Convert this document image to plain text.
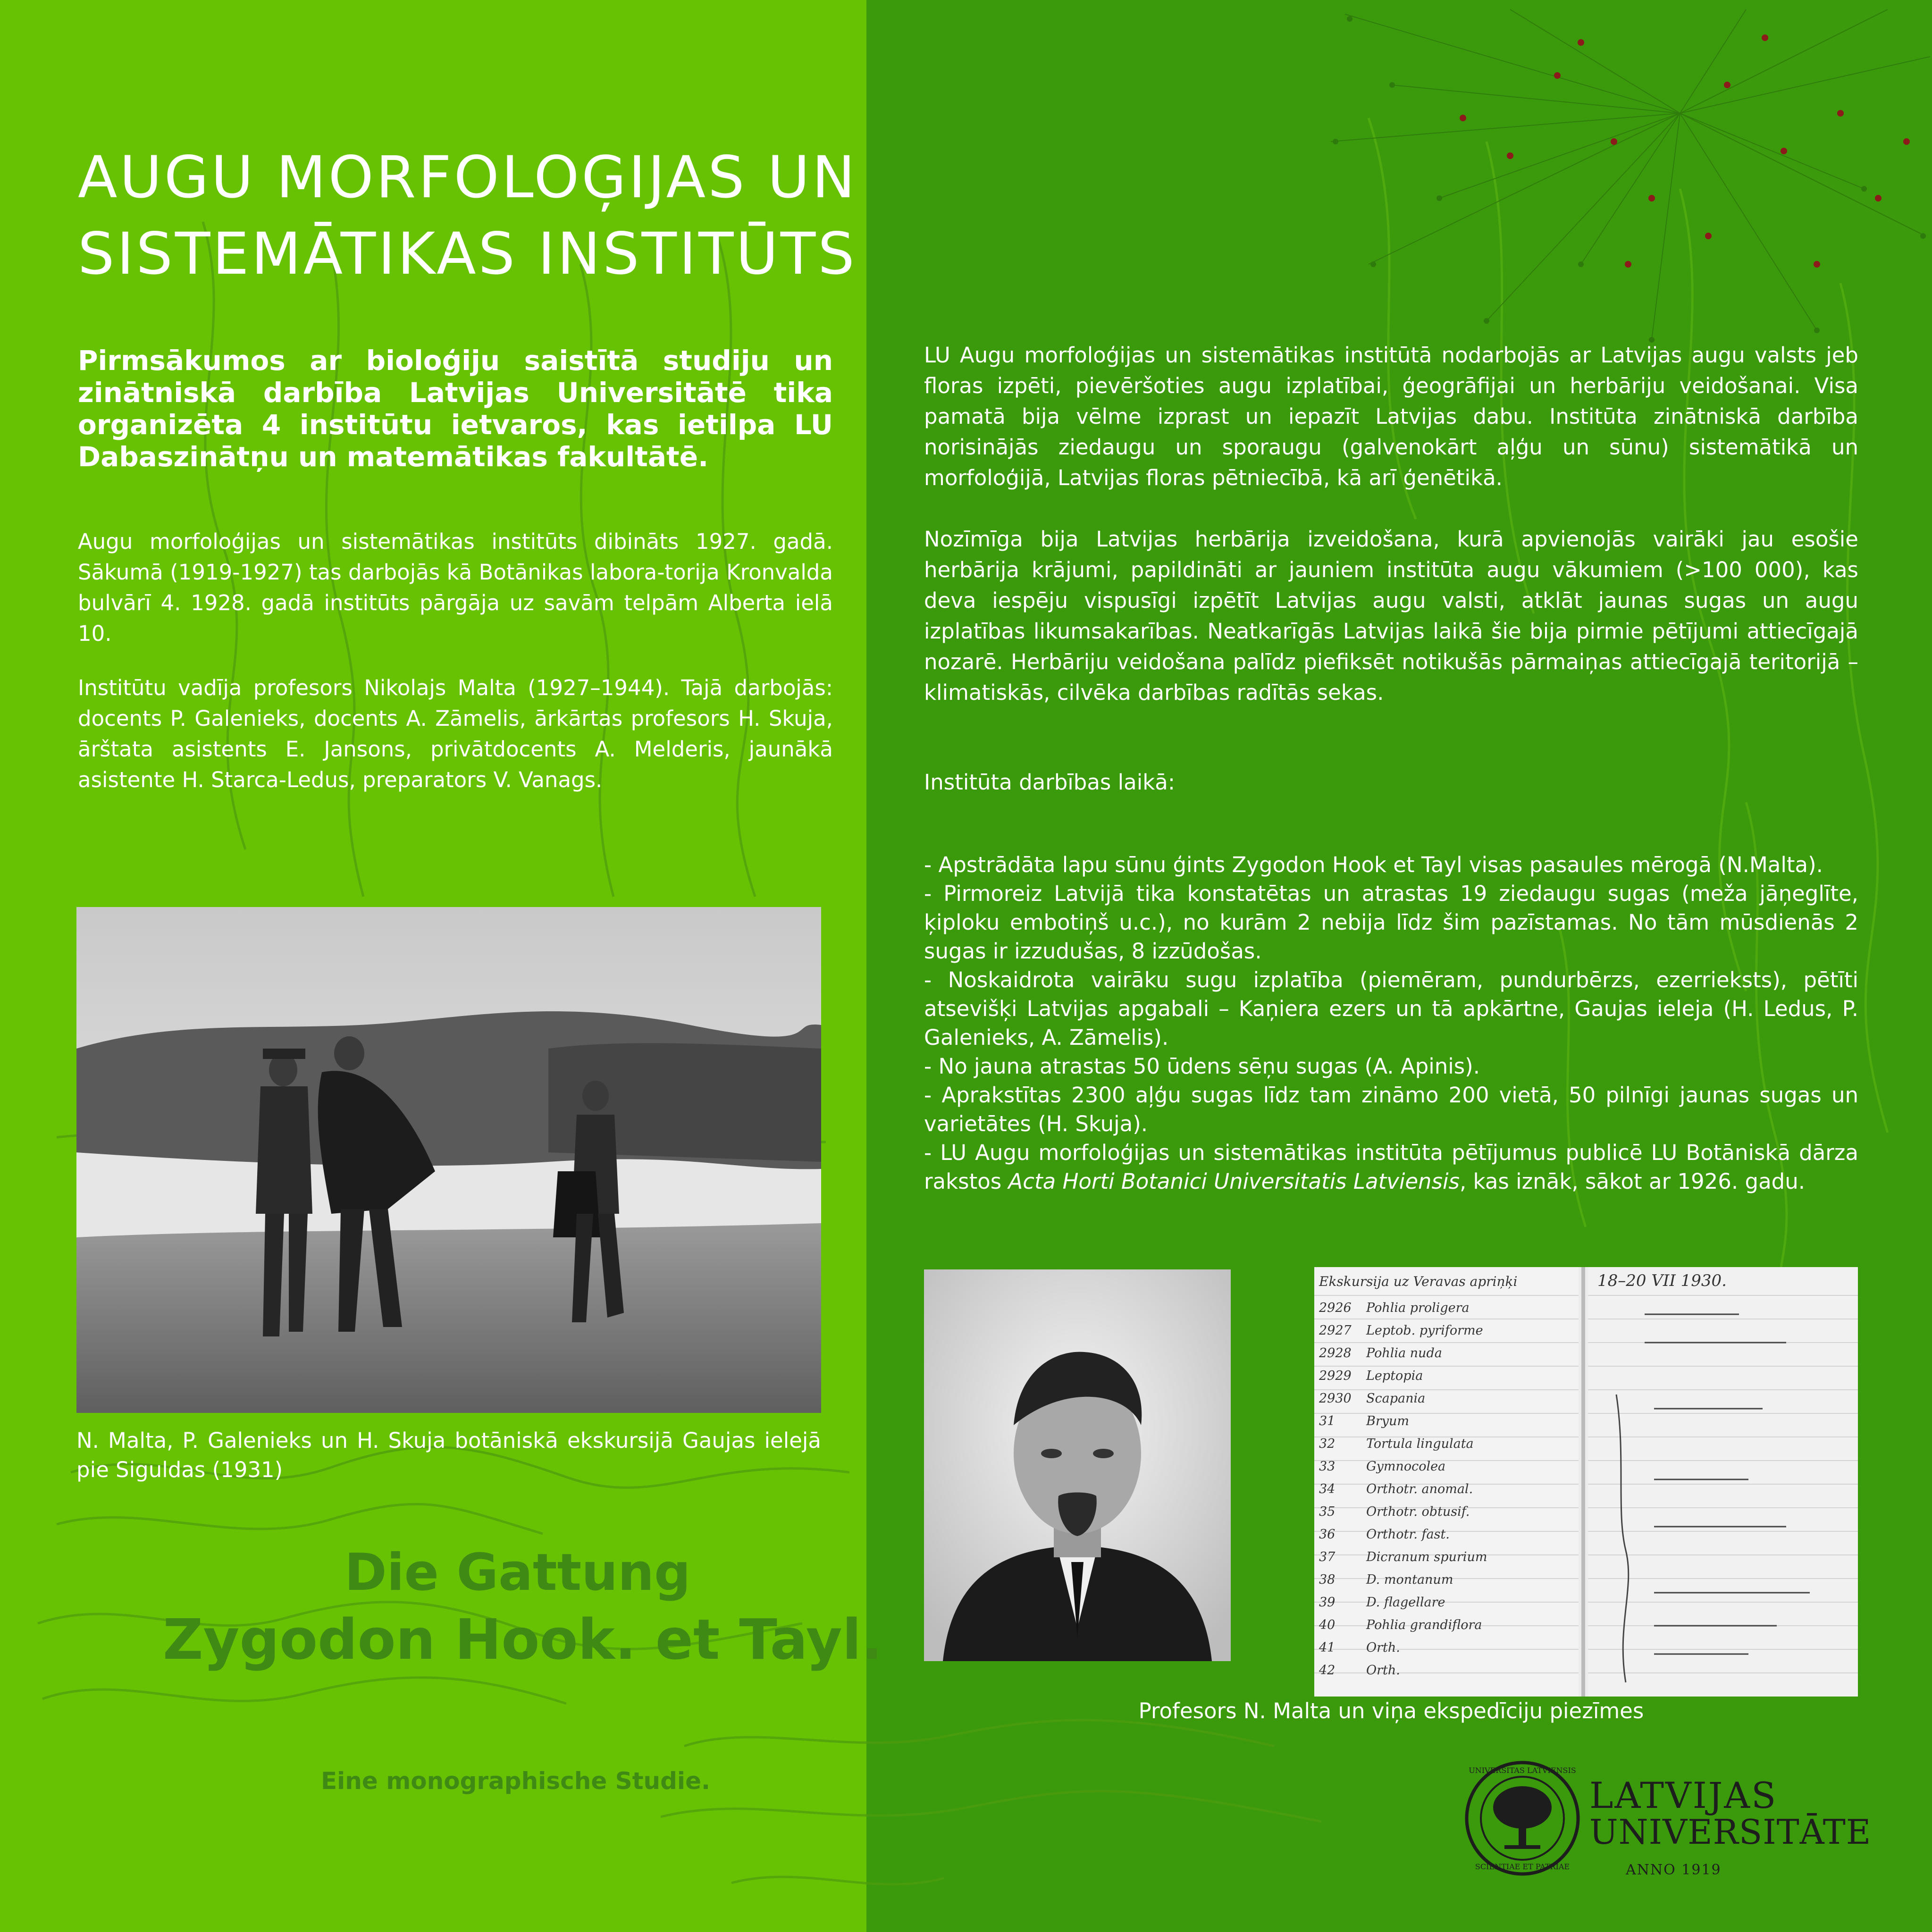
Die Gattung

Zygodon Hook. et Tayl.

Eine monographische Studie.

AUGU MORFOLOĢIJAS UN
SISTEMĀTIKAS INSTITŪTS

Pirmsākumos ar bioloģiju saistītā studiju un zinātniskā darbība Latvijas Universitātē tika organizēta 4 institūtu ietvaros, kas ietilpa LU Dabaszinātņu un matemātikas fakultātē.

Augu morfoloģijas un sistemātikas institūts dibināts 1927. gadā. Sākumā (1919-1927) tas darbojās kā Botānikas labora-torija Kronvalda bulvārī 4. 1928. gadā institūts pārgāja uz savām telpām Alberta ielā 10.

Institūtu vadīja profesors Nikolajs Malta (1927–1944). Tajā darbojās: docents P. Galenieks, docents A. Zāmelis, ārkārtas profesors H. Skuja, ārštata asistents E. Jansons, privātdocents A. Melderis, jaunākā asistente H. Starca-Ledus, preparators V. Vanags.

N. Malta, P. Galenieks un H. Skuja botāniskā ekskursijā Gaujas ielejā pie Siguldas (1931)

LU Augu morfoloģijas un sistemātikas institūtā nodarbojās ar Latvijas augu valsts jeb floras izpēti, pievēršoties augu izplatībai, ģeogrāfijai un herbāriju veidošanai. Visa pamatā bija vēlme izprast un iepazīt Latvijas dabu. Institūta zinātniskā darbība norisinājās ziedaugu un sporaugu (galvenokārt aļģu un sūnu) sistemātikā un morfoloģijā, Latvijas floras pētniecībā, kā arī ģenētikā.

Nozīmīga bija Latvijas herbārija izveidošana, kurā apvienojās vairāki jau esošie herbārija krājumi, papildināti ar jauniem institūta augu vākumiem (>100 000), kas deva iespēju vispusīgi izpētīt Latvijas augu valsti, atklāt jaunas sugas un augu izplatības likumsakarības. Neatkarīgās Latvijas laikā šie bija pirmie pētījumi attiecīgajā nozarē. Herbāriju veidošana palīdz piefiksēt notikušās pārmaiņas attiecīgajā teritorijā – klimatiskās, cilvēka darbības radītās sekas.

Institūta darbības laikā:

- Apstrādāta lapu sūnu ģints Zygodon Hook et Tayl visas pasaules mērogā (N.Malta).
- Pirmoreiz Latvijā tika konstatētas un atrastas 19 ziedaugu sugas (meža jāņeglīte, ķiploku embotiņš u.c.), no kurām 2 nebija līdz šim pazīstamas. No tām mūsdienās 2 sugas ir izzudušas, 8 izzūdošas.
- Noskaidrota vairāku sugu izplatība (piemēram, pundurbērzs, ezerrieksts), pētīti atsevišķi Latvijas apgabali – Kaņiera ezers un tā apkārtne, Gaujas ieleja (H. Ledus, P. Galenieks, A. Zāmelis).
- No jauna atrastas 50 ūdens sēņu sugas (A. Apinis).
- Aprakstītas 2300 aļģu sugas līdz tam zināmo 200 vietā, 50 pilnīgi jaunas sugas un varietātes (H. Skuja).
- LU Augu morfoloģijas un sistemātikas institūta pētījumus publicē LU Botāniskā dārza rakstos Acta Horti Botanici Universitatis Latviensis, kas iznāk, sākot ar 1926. gadu.
Ekskursija uz Veravas apriņķi	18–20 VII 1930.
2926 Pohlia proligera
2927 Leptob. pyriforme
2928 Pohlia nuda
2929 Leptopia
2930 Scapania
31 Bryum
32 Tortula lingulata
33 Gymnocolea
34 Orthotr. anomal.
35 Orthotr. obtusif.
36 Orthotr. fast.
37 Dicranum spurium
38 D. montanum
39 D. flagellare
40 Pohlia grandiflora
41 Orth.
42 Orth.

Profesors N. Malta un viņa ekspedīciju piezīmes

UNIVERSITAS LATVIENSIS
SCIENTIAE ET PATRIAE

LATVIJAS

UNIVERSITĀTE

ANNO 1919
